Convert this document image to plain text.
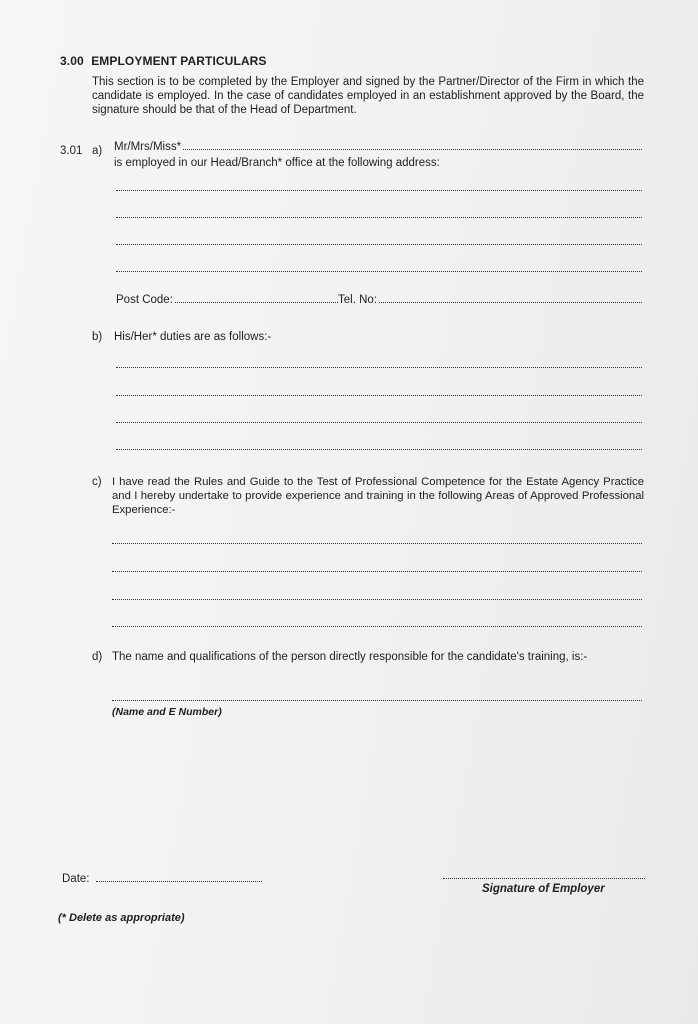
3.00 EMPLOYMENT PARTICULARS
This section is to be completed by the Employer and signed by the Partner/Director of the Firm in which the candidate is employed. In the case of candidates employed in an establishment approved by the Board, the signature should be that of the Head of Department.
3.01 a) Mr/Mrs/Miss*
is employed in our Head/Branch* office at the following address:
Post Code:	Tel. No:
b) His/Her* duties are as follows:-
c) I have read the Rules and Guide to the Test of Professional Competence for the Estate Agency Practice and I hereby undertake to provide experience and training in the following Areas of Approved Professional Experience:-
d) The name and qualifications of the person directly responsible for the candidate's training, is:-
(Name and E Number)
Date:
Signature of Employer
(* Delete as appropriate)
